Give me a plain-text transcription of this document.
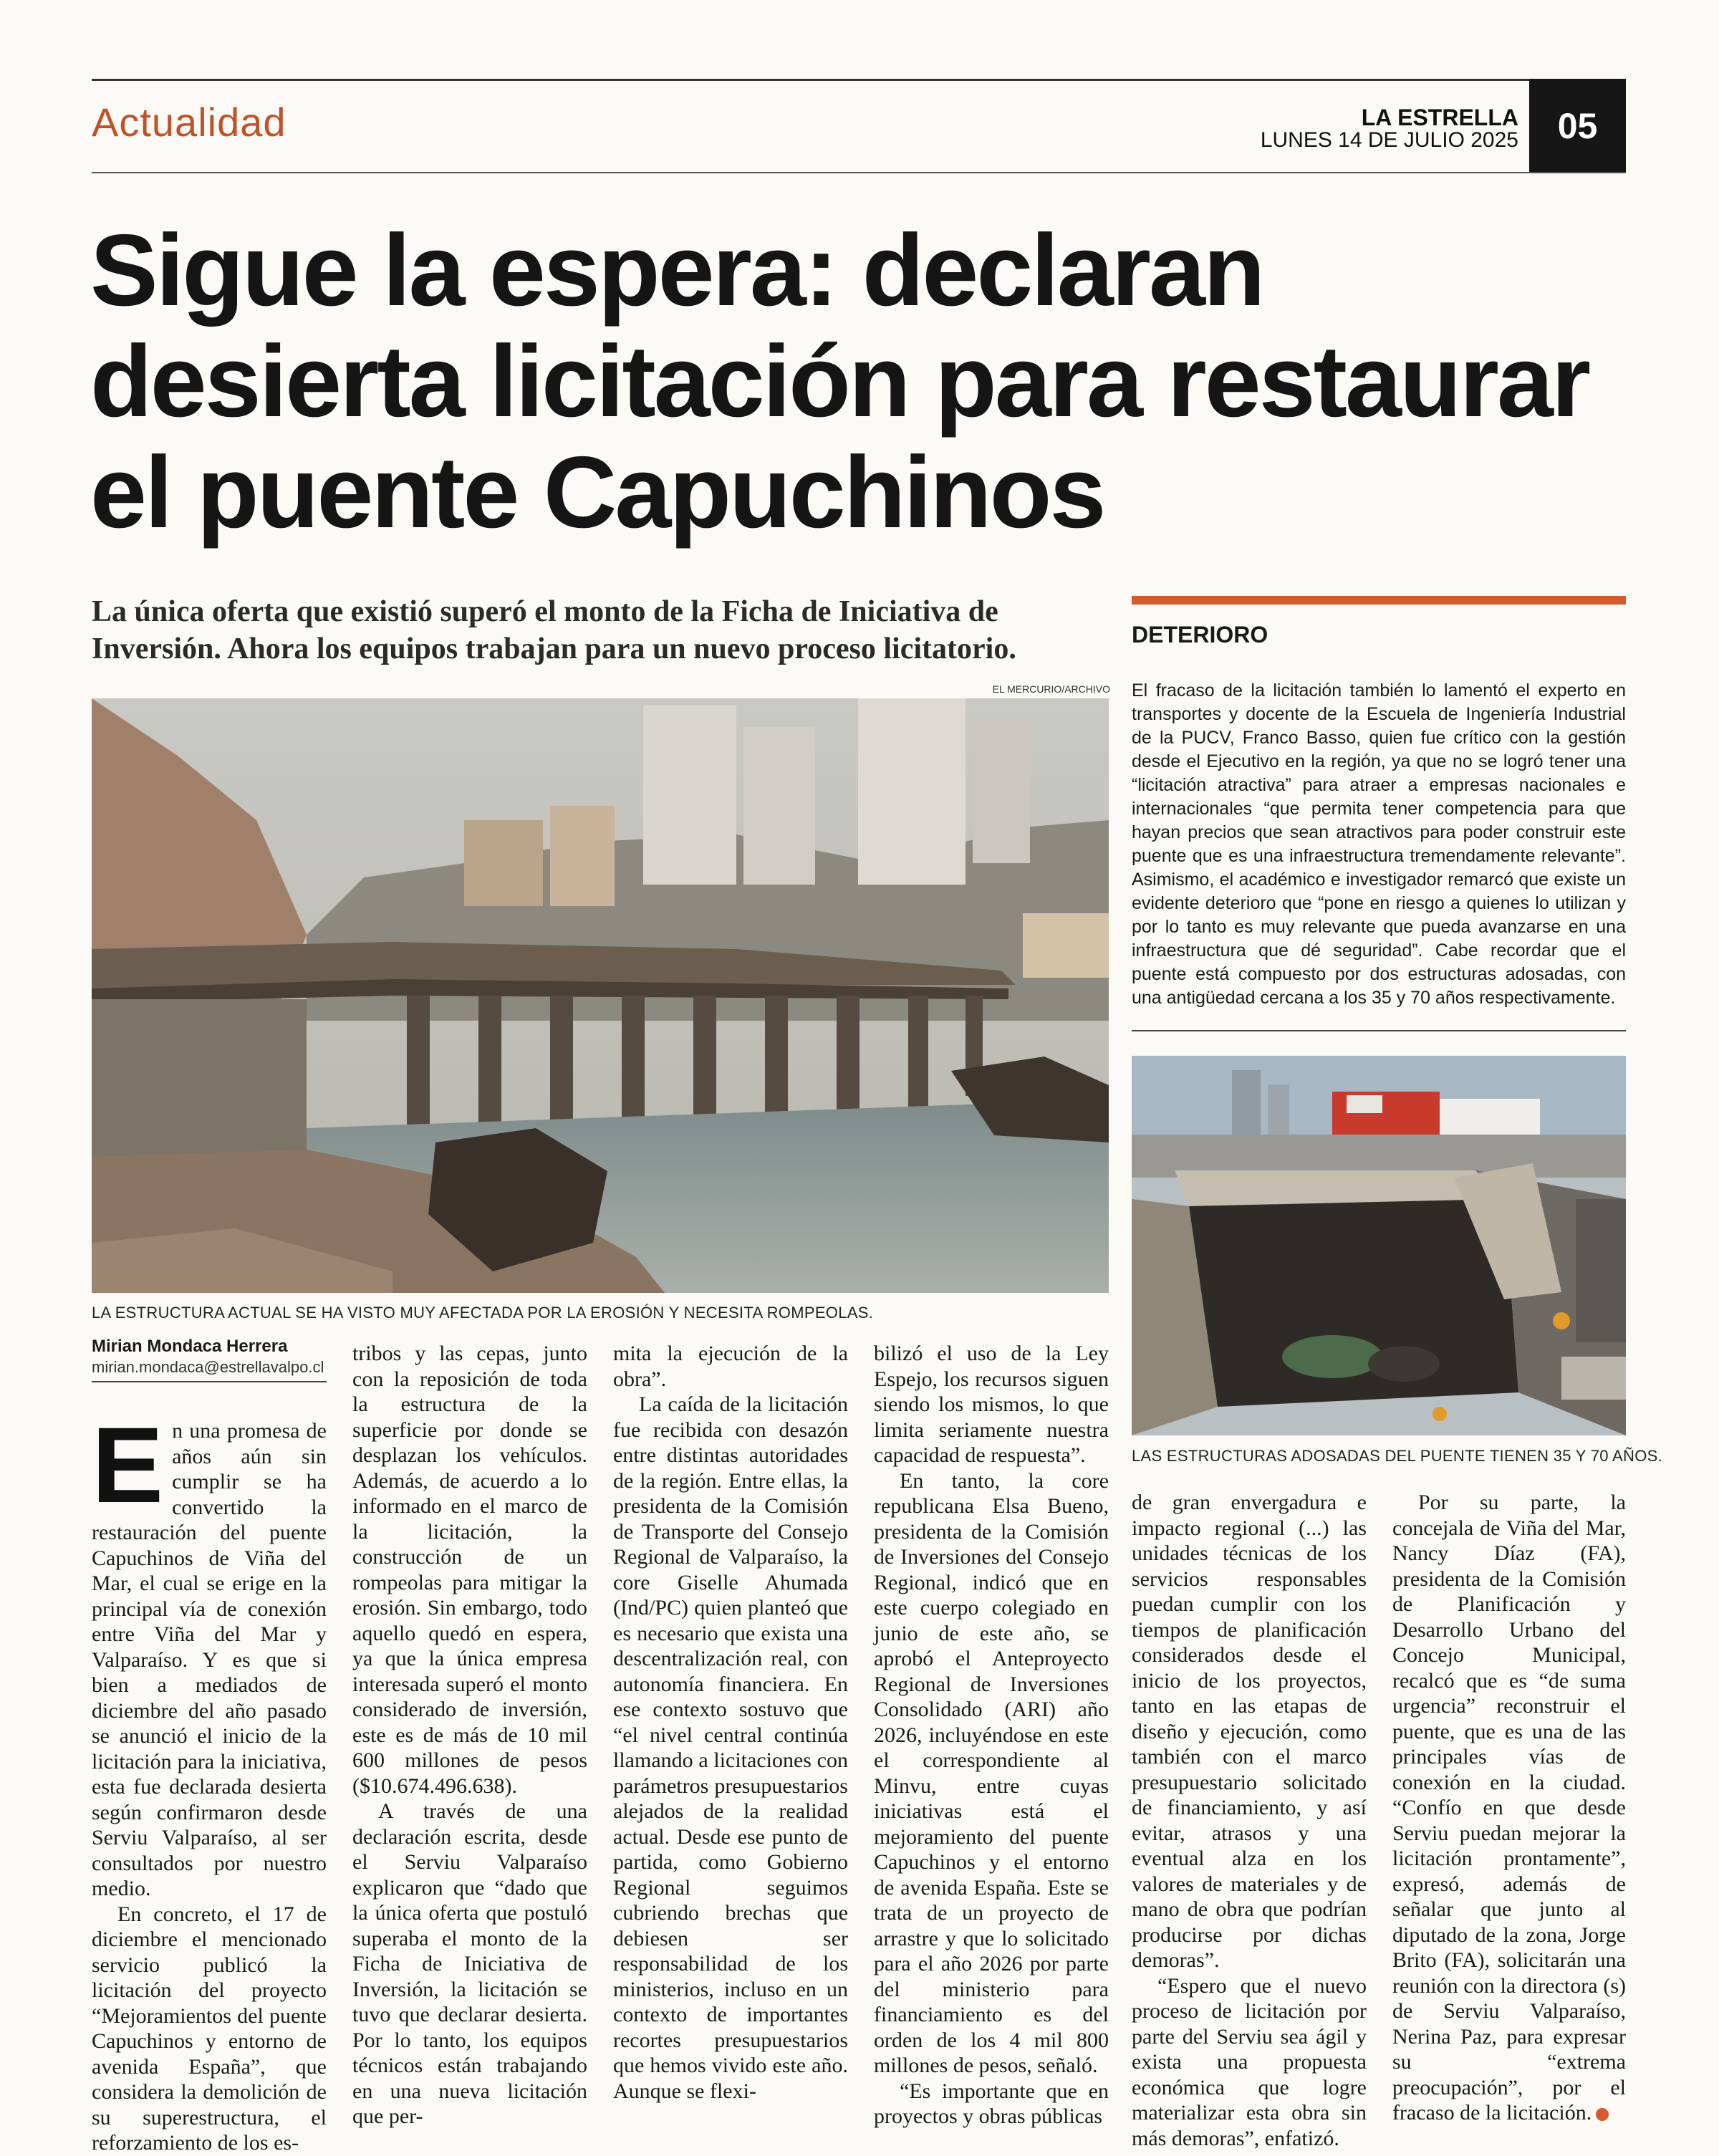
Actualidad	LA ESTRELLA
LUNES 14 DE JULIO 2025	05
Sigue la espera: declaran desierta licitación para restaurar el puente Capuchinos
La única oferta que existió superó el monto de la Ficha de Iniciativa de Inversión. Ahora los equipos trabajan para un nuevo proceso licitatorio.
EL MERCURIO/ARCHIVO
LA ESTRUCTURA ACTUAL SE HA VISTO MUY AFECTADA POR LA EROSIÓN Y NECESITA ROMPEOLAS.
DETERIORO
El fracaso de la licitación también lo lamentó el experto en transportes y docente de la Escuela de Ingeniería Industrial de la PUCV, Franco Basso, quien fue crítico con la gestión desde el Ejecutivo en la región, ya que no se logró tener una “licitación atractiva” para atraer a empresas nacionales e internacionales “que permita tener competencia para que hayan precios que sean atractivos para poder construir este puente que es una infraestructura tremendamente relevante”. Asimismo, el académico e investigador remarcó que existe un evidente deterioro que “pone en riesgo a quienes lo utilizan y por lo tanto es muy relevante que pueda avanzarse en una infraestructura que dé seguridad”. Cabe recordar que el puente está compuesto por dos estructuras adosadas, con una antigüedad cercana a los 35 y 70 años respectivamente.
LAS ESTRUCTURAS ADOSADAS DEL PUENTE TIENEN 35 Y 70 AÑOS.
Mirian Mondaca Herrera
mirian.mondaca@estrellavalpo.cl
E n una promesa de años aún sin cumplir se ha convertido la restauración del puente Capuchinos de Viña del Mar, el cual se erige en la principal vía de conexión entre Viña del Mar y Valparaíso. Y es que si bien a mediados de diciembre del año pasado se anunció el inicio de la licitación para la iniciativa, esta fue declarada desierta según confirmaron desde Serviu Valparaíso, al ser consultados por nuestro medio.

En concreto, el 17 de diciembre el mencionado servicio publicó la licitación del proyecto “Mejoramientos del puente Capuchinos y entorno de avenida España”, que considera la demolición de su superestructura, el reforzamiento de los es-

tribos y las cepas, junto con la reposición de toda la estructura de la superficie por donde se desplazan los vehículos. Además, de acuerdo a lo informado en el marco de la licitación, la construcción de un rompeolas para mitigar la erosión. Sin embargo, todo aquello quedó en espera, ya que la única empresa interesada superó el monto considerado de inversión, este es de más de 10 mil 600 millones de pesos ($10.674.496.638).

A través de una declaración escrita, desde el Serviu Valparaíso explicaron que “dado que la única oferta que postuló superaba el monto de la Ficha de Iniciativa de Inversión, la licitación se tuvo que declarar desierta. Por lo tanto, los equipos técnicos están trabajando en una nueva licitación que per-

mita la ejecución de la obra”.

La caída de la licitación fue recibida con desazón entre distintas autoridades de la región. Entre ellas, la presidenta de la Comisión de Transporte del Consejo Regional de Valparaíso, la core Giselle Ahumada (Ind/PC) quien planteó que es necesario que exista una descentralización real, con autonomía financiera. En ese contexto sostuvo que “el nivel central continúa llamando a licitaciones con parámetros presupuestarios alejados de la realidad actual. Desde ese punto de partida, como Gobierno Regional seguimos cubriendo brechas que debiesen ser responsabilidad de los ministerios, incluso en un contexto de importantes recortes presupuestarios que hemos vivido este año. Aunque se flexi-

bilizó el uso de la Ley Espejo, los recursos siguen siendo los mismos, lo que limita seriamente nuestra capacidad de respuesta”.

En tanto, la core republicana Elsa Bueno, presidenta de la Comisión de Inversiones del Consejo Regional, indicó que en este cuerpo colegiado en junio de este año, se aprobó el Anteproyecto Regional de Inversiones Consolidado (ARI) año 2026, incluyéndose en este el correspondiente al Minvu, entre cuyas iniciativas está el mejoramiento del puente Capuchinos y el entorno de avenida España. Este se trata de un proyecto de arrastre y que lo solicitado para el año 2026 por parte del ministerio para financiamiento es del orden de los 4 mil 800 millones de pesos, señaló.

“Es importante que en proyectos y obras públicas

de gran envergadura e impacto regional (...) las unidades técnicas de los servicios responsables puedan cumplir con los tiempos de planificación considerados desde el inicio de los proyectos, tanto en las etapas de diseño y ejecución, como también con el marco presupuestario solicitado de financiamiento, y así evitar, atrasos y una eventual alza en los valores de materiales y de mano de obra que podrían producirse por dichas demoras”.

“Espero que el nuevo proceso de licitación por parte del Serviu sea ágil y exista una propuesta económica que logre materializar esta obra sin más demoras”, enfatizó.

Por su parte, la concejala de Viña del Mar, Nancy Díaz (FA), presidenta de la Comisión de Planificación y Desarrollo Urbano del Concejo Municipal, recalcó que es “de suma urgencia” reconstruir el puente, que es una de las principales vías de conexión en la ciudad. “Confío en que desde Serviu puedan mejorar la licitación prontamente”, expresó, además de señalar que junto al diputado de la zona, Jorge Brito (FA), solicitarán una reunión con la directora (s) de Serviu Valparaíso, Nerina Paz, para expresar su “extrema preocupación”, por el fracaso de la licitación.
